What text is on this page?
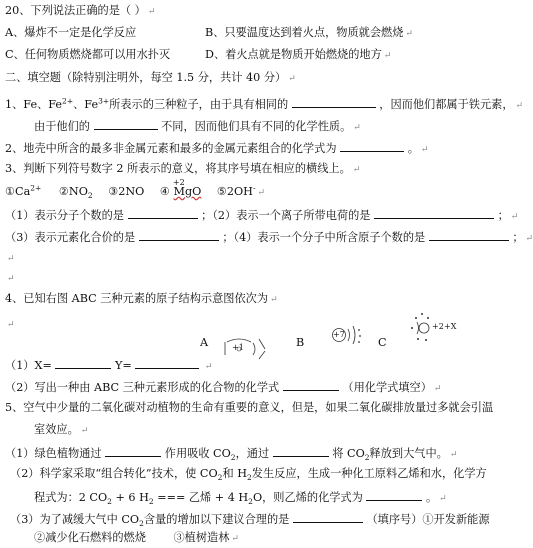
20、下列说法正确的是（ ） ↵
A、爆炸不一定是化学反应	B、只要温度达到着火点，物质就会燃烧 ↵
C、任何物质燃烧都可以用水扑灭	D、着火点就是物质开始燃烧的地方 ↵
二、填空题（除特别注明外，每空 1.5 分，共计 40 分） ↵
1、Fe、$Fe^{2+}$、$Fe^{3+}$所表示的三种粒子，由于具有相同的	，因而他们都属于铁元素， ↵
由于他们的	不同，因而他们具有不同的化学性质。 ↵
2、地壳中所含的最多非金属元素和最多的金属元素组合的化学式为	。 ↵
3、判断下列符号数字 2 所表示的意义，将其序号填在相应的横线上。 ↵
$①Ca^{2+}$ $②NO_2$ ③2NO ④
+2
MgO ⑤2OH-↵
（1）表示分子个数的是	；（2）表示一个离子所带电荷的是	； ↵
（3）表示元素化合价的是	；（4）表示一个分子中所含原子个数的是	； ↵
↵
↵
4、已知右图 ABC 三种元素的原子结构示意图依次为 ↵
↵
A	+1	B
+7
C
+2 +X
（1）X=	Y=	↵
（2）写出一种由 ABC 三种元素形成的化合物的化学式	（用化学式填空） ↵
5、空气中少量的二氧化碳对动植物的生命有重要的意义，但是，如果二氧化碳排放量过多就会引温
室效应。 ↵
（1）绿色植物通过	作用吸收 $CO_2$，通过	将 $CO_2$释放到大气中。 ↵
（2）科学家采取“组合转化”技术，使 $CO_2$和 $H_2$发生反应，生成一种化工原料乙烯和水，化学方
程式为：2 $CO_2 + 6$ $H_2$ === 乙烯 + 4 $H_2O$，则乙烯的化学式为	。 ↵
（3）为了减缓大气中 $CO_2$含量的增加以下建议合理的是	（填序号）①开发新能源
②减少化石燃料的燃烧 ③植树造林 ↵
